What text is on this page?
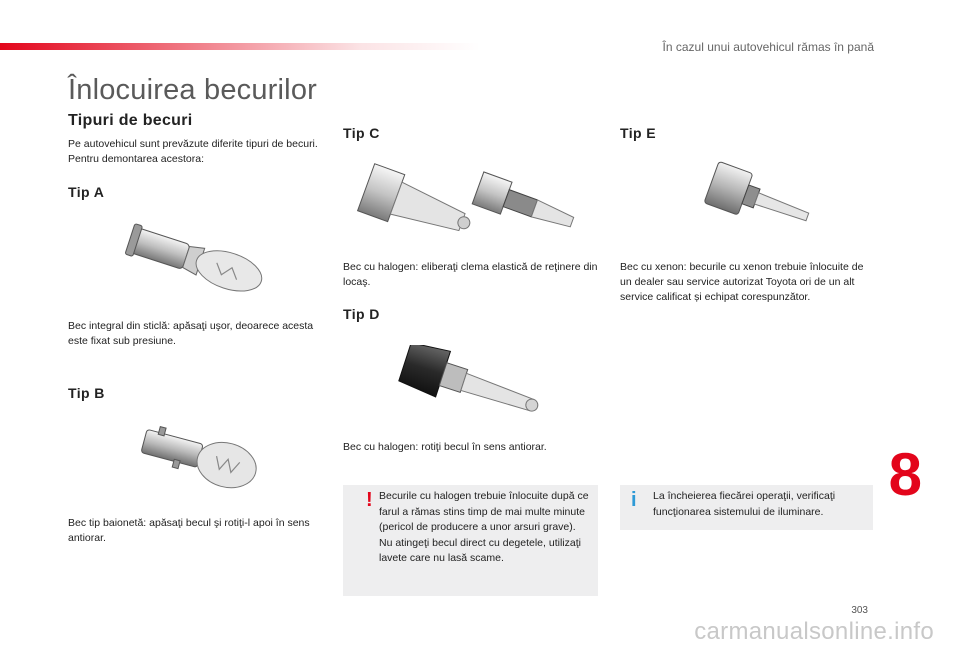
În cazul unui autovehicul rămas în pană
Înlocuirea becurilor
Tipuri de becuri
Pe autovehicul sunt prevăzute diferite tipuri de becuri. Pentru demontarea acestora:
Tip A
Bec integral din sticlă: apăsaţi uşor, deoarece acesta este fixat sub presiune.
Tip B
Bec tip baionetă: apăsaţi becul şi rotiţi-l apoi în sens antiorar.
Tip C
Bec cu halogen: eliberaţi clema elastică de reţinere din locaş.
Tip D
Bec cu halogen: rotiţi becul în sens antiorar.
! Becurile cu halogen trebuie înlocuite după ce farul a rămas stins timp de mai multe minute (pericol de producere a unor arsuri grave). Nu atingeţi becul direct cu degetele, utilizaţi lavete care nu lasă scame.
Tip E
Bec cu xenon: becurile cu xenon trebuie înlocuite de un dealer sau service autorizat Toyota ori de un alt service calificat și echipat corespunzător.
i La încheierea fiecărei operaţii, verificaţi funcţionarea sistemului de iluminare.
8
303
carmanualsonline.info
